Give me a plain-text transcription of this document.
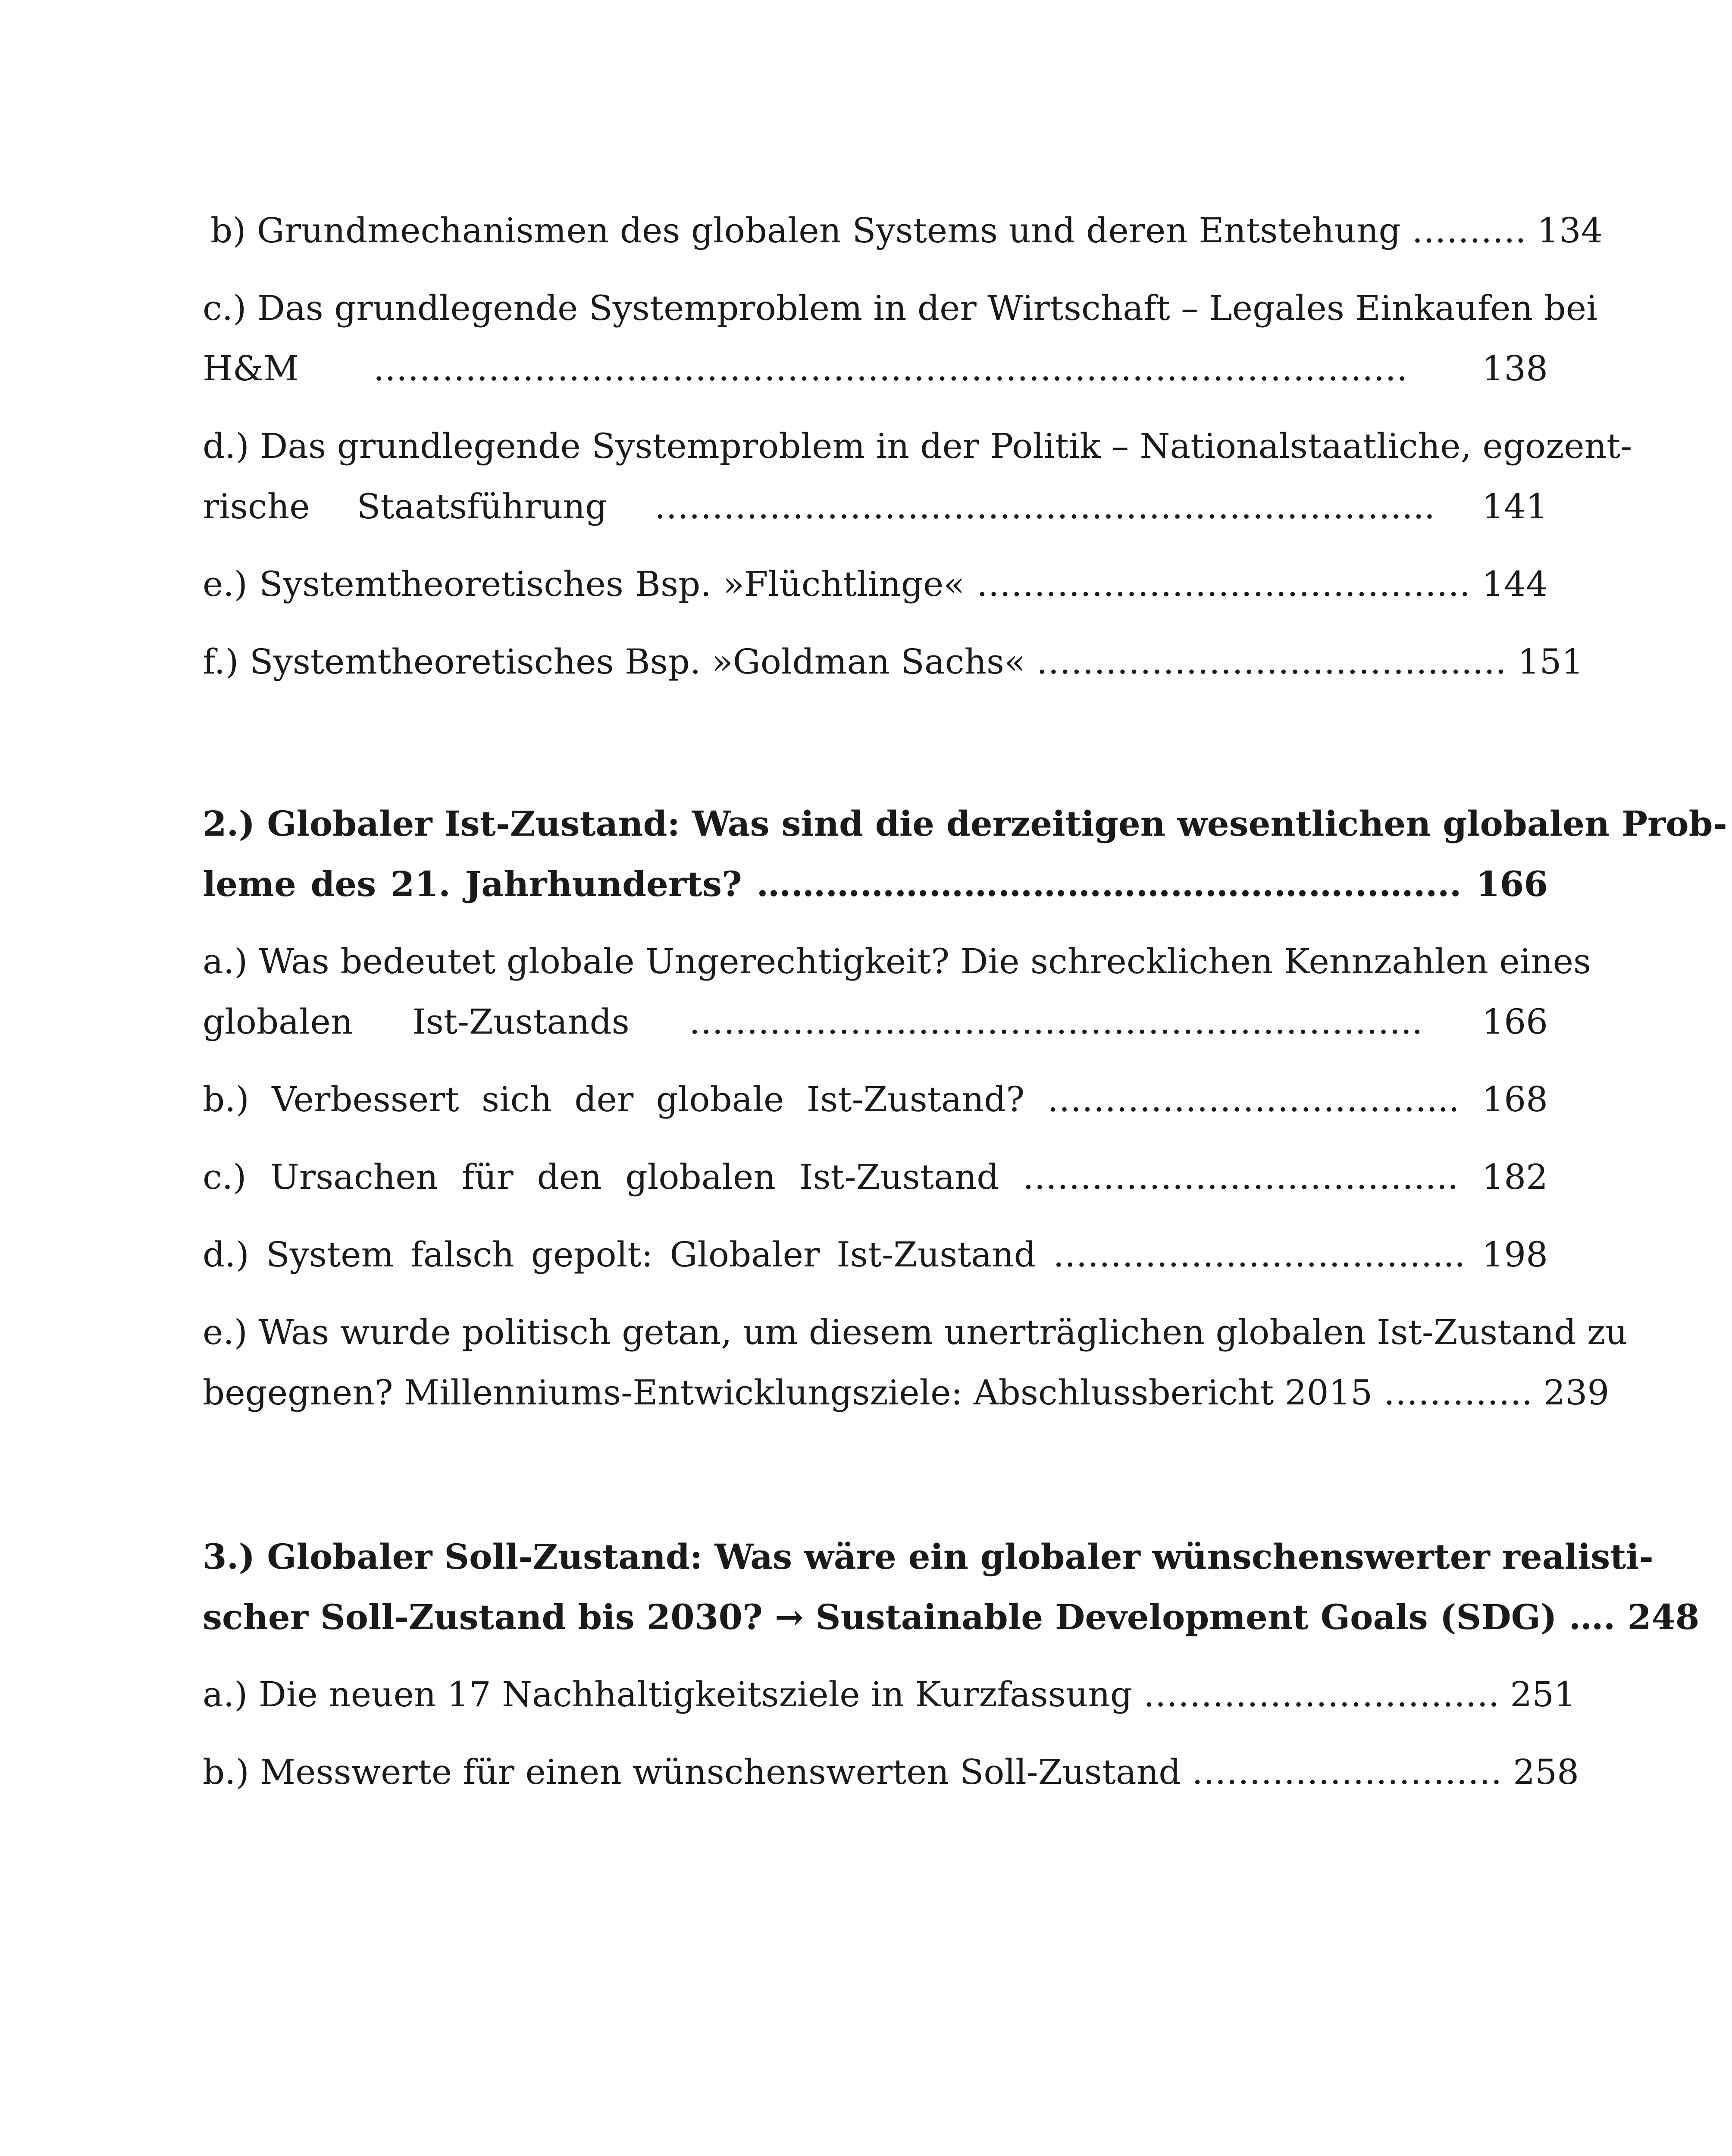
b) Grundmechanismen des globalen Systems und deren Entstehung ………. 134
c.) Das grundlegende Systemproblem in der Wirtschaft – Legales Einkaufen bei
H&M ……………………………………………………………………………… 138
d.) Das grundlegende Systemproblem in der Politik – Nationalstaatliche, egozent-
rische Staatsführung ………………………………………………………….. 141
e.) Systemtheoretisches Bsp. »Flüchtlinge« ……………………………………. 144
f.) Systemtheoretisches Bsp. »Goldman Sachs« ………………………………..… 151
2.) Globaler Ist-Zustand: Was sind die derzeitigen wesentlichen globalen Prob-
leme des 21. Jahrhunderts? ……………………………………………...….... 166
a.) Was bedeutet globale Ungerechtigkeit? Die schrecklichen Kennzahlen eines
globalen Ist-Zustands ………………..…………………………………….. 166
b.) Verbessert sich der globale Ist-Zustand? ……………………………... 168
c.) Ursachen für den globalen Ist-Zustand ……………………………….. 182
d.) System falsch gepolt: Globaler Ist-Zustand ……………………………... 198
e.) Was wurde politisch getan, um diesem unerträglichen globalen Ist-Zustand zu
begegnen? Millenniums-Entwicklungsziele: Abschlussbericht 2015 …………. 239
3.) Globaler Soll-Zustand: Was wäre ein globaler wünschenswerter realisti-
scher Soll-Zustand bis 2030? → Sustainable Development Goals (SDG) …. 248
a.) Die neuen 17 Nachhaltigkeitsziele in Kurzfassung …………………………. 251
b.) Messwerte für einen wünschenswerten Soll-Zustand ……………………… 258
